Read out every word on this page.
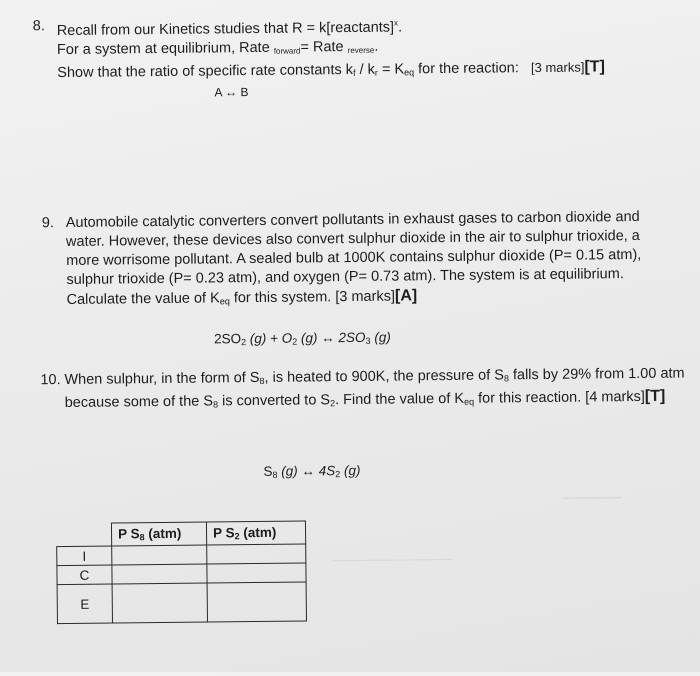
8. Recall from our Kinetics studies that R = k[reactants]$^x$.
For a system at equilibrium, Rate forward= Rate reverse.
Show that the ratio of specific rate constants $k_f / k_r = K_{eq}$ for the reaction: [3 marks][T]
A ↔ B
9. Automobile catalytic converters convert pollutants in exhaust gases to carbon dioxide and
water. However, these devices also convert sulphur dioxide in the air to sulphur trioxide, a
more worrisome pollutant. A sealed bulb at 1000K contains sulphur dioxide (P= 0.15 atm),
sulphur trioxide (P= 0.23 atm), and oxygen (P= 0.73 atm). The system is at equilibrium.
Calculate the value of $K_{eq}$ for this system. [3 marks][A]
$2SO_2$ $(g) + O_2$ (g) ↔ $2SO_3$ (g)
10. When sulphur, in the form of $S_8$, is heated to 900K, the pressure of $S_8$ falls by 29% from 1.00 atm
because some of the $S_8$ is converted to $S_2$. Find the value of $K_{eq}$ for this reaction. [4 marks][T]
$S_8$ (g) ↔ $4S_2$ (g)
	P $S_8$ (atm)	P $S_2$ (atm)
I		
C		
E		
